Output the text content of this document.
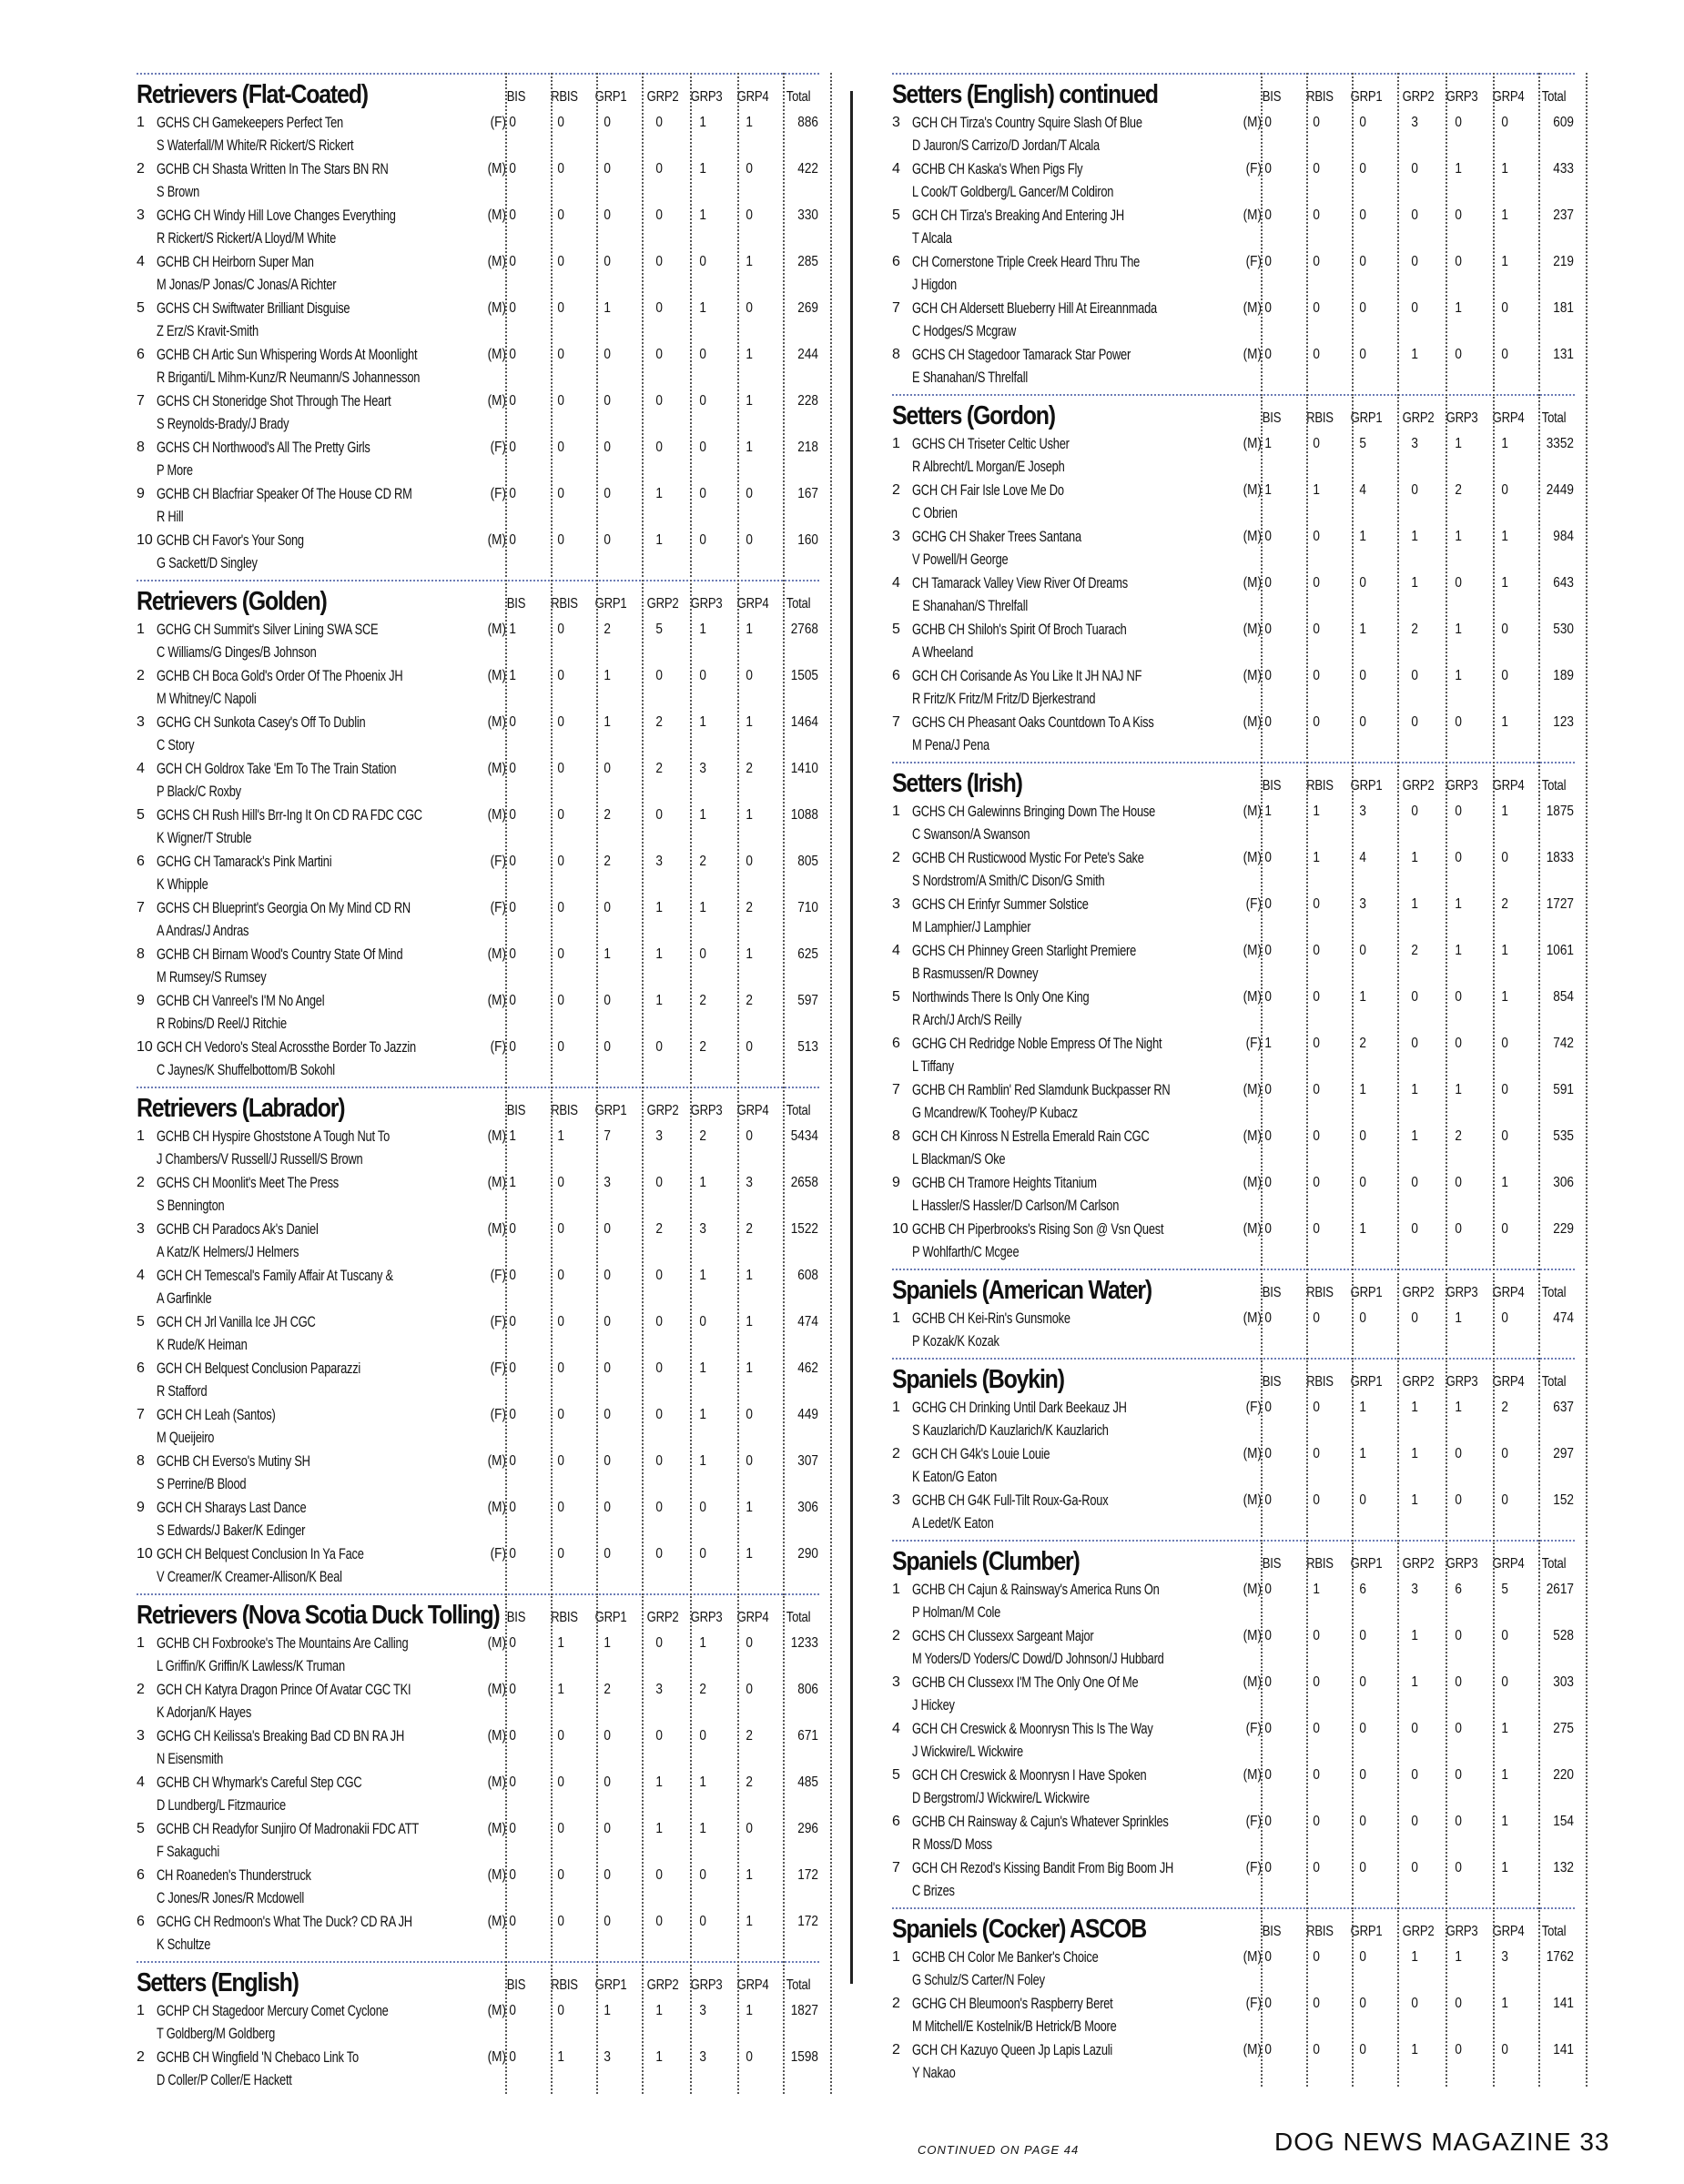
Retrievers (Flat-Coated)	BIS	RBIS GRP1 GRP2 GRP3 GRP4 Total
1 GCHS CH Gamekeepers Perfect Ten
S Waterfall/M White/R Rickert/S Rickert
(F) 0	0	0	0	1	1	886
2 GCHB CH Shasta Written In The Stars BN RN
S Brown
(M) 0	0	0	0	1	0	422
3 GCHG CH Windy Hill Love Changes Everything
R Rickert/S Rickert/A Lloyd/M White
(M) 0	0	0	0	1	0	330
4 GCHB CH Heirborn Super Man
M Jonas/P Jonas/C Jonas/A Richter
(M) 0	0	0	0	0	1	285
5 GCHS CH Swiftwater Brilliant Disguise
Z Erz/S Kravit-Smith
(M) 0	0	1	0	1	0	269
6 GCHB CH Artic Sun Whispering Words At Moonlight
R Briganti/L Mihm-Kunz/R Neumann/S Johannesson
(M) 0	0	0	0	0	1	244
7 GCHS CH Stoneridge Shot Through The Heart
S Reynolds-Brady/J Brady
(M) 0	0	0	0	0	1	228
8 GCHS CH Northwood's All The Pretty Girls
P More
(F) 0	0	0	0	0	1	218
9 GCHB CH Blacfriar Speaker Of The House CD RM
R Hill
(F) 0	0	0	1	0	0	167
10 GCHB CH Favor's Your Song
G Sackett/D Singley
(M) 0	0	0	1	0	0	160
Retrievers (Golden)	BIS	RBIS GRP1 GRP2 GRP3 GRP4 Total
1 GCHG CH Summit's Silver Lining SWA SCE
C Williams/G Dinges/B Johnson
(M) 1	0	2	5	1	1	2768
2 GCHB CH Boca Gold's Order Of The Phoenix JH
M Whitney/C Napoli
(M) 1	0	1	0	0	0	1505
3 GCHG CH Sunkota Casey's Off To Dublin
C Story
(M) 0	0	1	2	1	1	1464
4 GCH CH Goldrox Take 'Em To The Train Station
P Black/C Roxby
(M) 0	0	0	2	3	2	1410
5 GCHS CH Rush Hill's Brr-Ing It On CD RA FDC CGC
K Wigner/T Struble
(M) 0	0	2	0	1	1	1088
6 GCHG CH Tamarack's Pink Martini
K Whipple
(F) 0	0	2	3	2	0	805
7 GCHS CH Blueprint's Georgia On My Mind CD RN
A Andras/J Andras
(F) 0	0	0	1	1	2	710
8 GCHB CH Birnam Wood's Country State Of Mind
M Rumsey/S Rumsey
(M) 0	0	1	1	0	1	625
9 GCHB CH Vanreel's I'M No Angel
R Robins/D Reel/J Ritchie
(M) 0	0	0	1	2	2	597
10 GCH CH Vedoro's Steal Acrossthe Border To Jazzin
C Jaynes/K Shuffelbottom/B Sokohl
(F) 0	0	0	0	2	0	513
Retrievers (Labrador)	BIS	RBIS GRP1 GRP2 GRP3 GRP4 Total
1 GCHB CH Hyspire Ghoststone A Tough Nut To
J Chambers/V Russell/J Russell/S Brown
(M) 1	1	7	3	2	0	5434
2 GCHS CH Moonlit's Meet The Press
S Bennington
(M) 1	0	3	0	1	3	2658
3 GCHB CH Paradocs Ak's Daniel
A Katz/K Helmers/J Helmers
(M) 0	0	0	2	3	2	1522
4 GCH CH Temescal's Family Affair At Tuscany &
A Garfinkle
(F) 0	0	0	0	1	1	608
5 GCH CH Jrl Vanilla Ice JH CGC
K Rude/K Heiman
(F) 0	0	0	0	0	1	474
6 GCH CH Belquest Conclusion Paparazzi
R Stafford
(F) 0	0	0	0	1	1	462
7 GCH CH Leah (Santos)
M Queijeiro
(F) 0	0	0	0	1	0	449
8 GCHB CH Everso's Mutiny SH
S Perrine/B Blood
(M) 0	0	0	0	1	0	307
9 GCH CH Sharays Last Dance
S Edwards/J Baker/K Edinger
(M) 0	0	0	0	0	1	306
10 GCH CH Belquest Conclusion In Ya Face
V Creamer/K Creamer-Allison/K Beal
(F) 0	0	0	0	0	1	290
Retrievers (Nova Scotia Duck Tolling) BIS	RBIS GRP1 GRP2 GRP3 GRP4 Total
1 GCHB CH Foxbrooke's The Mountains Are Calling
L Griffin/K Griffin/K Lawless/K Truman
(M) 0	1	1	0	1	0	1233
2 GCH CH Katyra Dragon Prince Of Avatar CGC TKI
K Adorjan/K Hayes
(M) 0	1	2	3	2	0	806
3 GCHG CH Keilissa's Breaking Bad CD BN RA JH
N Eisensmith
(M) 0	0	0	0	0	2	671
4 GCHB CH Whymark's Careful Step CGC
D Lundberg/L Fitzmaurice
(M) 0	0	0	1	1	2	485
5 GCHB CH Readyfor Sunjiro Of Madronakii FDC ATT
F Sakaguchi
(M) 0	0	0	1	1	0	296
6 CH Roaneden's Thunderstruck
C Jones/R Jones/R Mcdowell
(M) 0	0	0	0	0	1	172
6 GCHG CH Redmoon's What The Duck? CD RA JH
K Schultze
(M) 0	0	0	0	0	1	172
Setters (English)	BIS	RBIS GRP1 GRP2 GRP3 GRP4 Total
1 GCHP CH Stagedoor Mercury Comet Cyclone
T Goldberg/M Goldberg
(M) 0	0	1	1	3	1	1827
2 GCHB CH Wingfield 'N Chebaco Link To
D Coller/P Coller/E Hackett
(M) 0	1	3	1	3	0	1598
Setters (English) continued	BIS	RBIS GRP1 GRP2 GRP3 GRP4 Total
3 GCH CH Tirza's Country Squire Slash Of Blue
D Jauron/S Carrizo/D Jordan/T Alcala
(M) 0	0	0	3	0	0	609
4 GCHB CH Kaska's When Pigs Fly
L Cook/T Goldberg/L Gancer/M Coldiron
(F) 0	0	0	0	1	1	433
5 GCH CH Tirza's Breaking And Entering JH
T Alcala
(M) 0	0	0	0	0	1	237
6 CH Cornerstone Triple Creek Heard Thru The
J Higdon
(F) 0	0	0	0	0	1	219
7 GCH CH Aldersett Blueberry Hill At Eireannmada
C Hodges/S Mcgraw
(M) 0	0	0	0	1	0	181
8 GCHS CH Stagedoor Tamarack Star Power
E Shanahan/S Threlfall
(M) 0	0	0	1	0	0	131
Setters (Gordon)	BIS	RBIS GRP1 GRP2 GRP3 GRP4 Total
1 GCHS CH Triseter Celtic Usher
R Albrecht/L Morgan/E Joseph
(M) 1	0	5	3	1	1	3352
2 GCH CH Fair Isle Love Me Do
C Obrien
(M) 1	1	4	0	2	0	2449
3 GCHG CH Shaker Trees Santana
V Powell/H George
(M) 0	0	1	1	1	1	984
4 CH Tamarack Valley View River Of Dreams
E Shanahan/S Threlfall
(M) 0	0	0	1	0	1	643
5 GCHB CH Shiloh's Spirit Of Broch Tuarach
A Wheeland
(M) 0	0	1	2	1	0	530
6 GCH CH Corisande As You Like It JH NAJ NF
R Fritz/K Fritz/M Fritz/D Bjerkestrand
(M) 0	0	0	0	1	0	189
7 GCHS CH Pheasant Oaks Countdown To A Kiss
M Pena/J Pena
(M) 0	0	0	0	0	1	123
Setters (Irish)	BIS	RBIS GRP1 GRP2 GRP3 GRP4 Total
1 GCHS CH Galewinns Bringing Down The House
C Swanson/A Swanson
(M) 1	1	3	0	0	1	1875
2 GCHB CH Rusticwood Mystic For Pete's Sake
S Nordstrom/A Smith/C Dison/G Smith
(M) 0	1	4	1	0	0	1833
3 GCHS CH Erinfyr Summer Solstice
M Lamphier/J Lamphier
(F) 0	0	3	1	1	2	1727
4 GCHS CH Phinney Green Starlight Premiere
B Rasmussen/R Downey
(M) 0	0	0	2	1	1	1061
5 Northwinds There Is Only One King
R Arch/J Arch/S Reilly
(M) 0	0	1	0	0	1	854
6 GCHG CH Redridge Noble Empress Of The Night
L Tiffany
(F) 1	0	2	0	0	0	742
7 GCHB CH Ramblin' Red Slamdunk Buckpasser RN
G Mcandrew/K Toohey/P Kubacz
(M) 0	0	1	1	1	0	591
8 GCH CH Kinross N Estrella Emerald Rain CGC
L Blackman/S Oke
(M) 0	0	0	1	2	0	535
9 GCHB CH Tramore Heights Titanium
L Hassler/S Hassler/D Carlson/M Carlson
(M) 0	0	0	0	0	1	306
10 GCHB CH Piperbrooks's Rising Son @ Vsn Quest
P Wohlfarth/C Mcgee
(M) 0	0	1	0	0	0	229
Spaniels (American Water)	BIS	RBIS GRP1 GRP2 GRP3 GRP4 Total
1 GCHB CH Kei-Rin's Gunsmoke
P Kozak/K Kozak
(M) 0	0	0	0	1	0	474
Spaniels (Boykin)	BIS	RBIS GRP1 GRP2 GRP3 GRP4 Total
1 GCHG CH Drinking Until Dark Beekauz JH
S Kauzlarich/D Kauzlarich/K Kauzlarich
(F) 0	0	1	1	1	2	637
2 GCH CH G4k's Louie Louie
K Eaton/G Eaton
(M) 0	0	1	1	0	0	297
3 GCHB CH G4K Full-Tilt Roux-Ga-Roux
A Ledet/K Eaton
(M) 0	0	0	1	0	0	152
Spaniels (Clumber)	BIS	RBIS GRP1 GRP2 GRP3 GRP4 Total
1 GCHB CH Cajun & Rainsway's America Runs On
P Holman/M Cole
(M) 0	1	6	3	6	5	2617
2 GCHS CH Clussexx Sargeant Major
M Yoders/D Yoders/C Dowd/D Johnson/J Hubbard
(M) 0	0	0	1	0	0	528
3 GCHB CH Clussexx I'M The Only One Of Me
J Hickey
(M) 0	0	0	1	0	0	303
4 GCH CH Creswick & Moonrysn This Is The Way
J Wickwire/L Wickwire
(F) 0	0	0	0	0	1	275
5 GCH CH Creswick & Moonrysn I Have Spoken
D Bergstrom/J Wickwire/L Wickwire
(M) 0	0	0	0	0	1	220
6 GCHB CH Rainsway & Cajun's Whatever Sprinkles
R Moss/D Moss
(F) 0	0	0	0	0	1	154
7 GCH CH Rezod's Kissing Bandit From Big Boom JH
C Brizes
(F) 0	0	0	0	0	1	132
Spaniels (Cocker) ASCOB	BIS	RBIS GRP1 GRP2 GRP3 GRP4 Total
1 GCHB CH Color Me Banker's Choice
G Schulz/S Carter/N Foley
(M) 0	0	0	1	1	3	1762
2 GCHG CH Bleumoon's Raspberry Beret
M Mitchell/E Kostelnik/B Hetrick/B Moore
(F) 0	0	0	0	0	1	141
2 GCH CH Kazuyo Queen Jp Lapis Lazuli
Y Nakao
(M) 0	0	0	1	0	0	141
CONTINUED ON PAGE 44	DOG NEWS MAGAZINE 33
